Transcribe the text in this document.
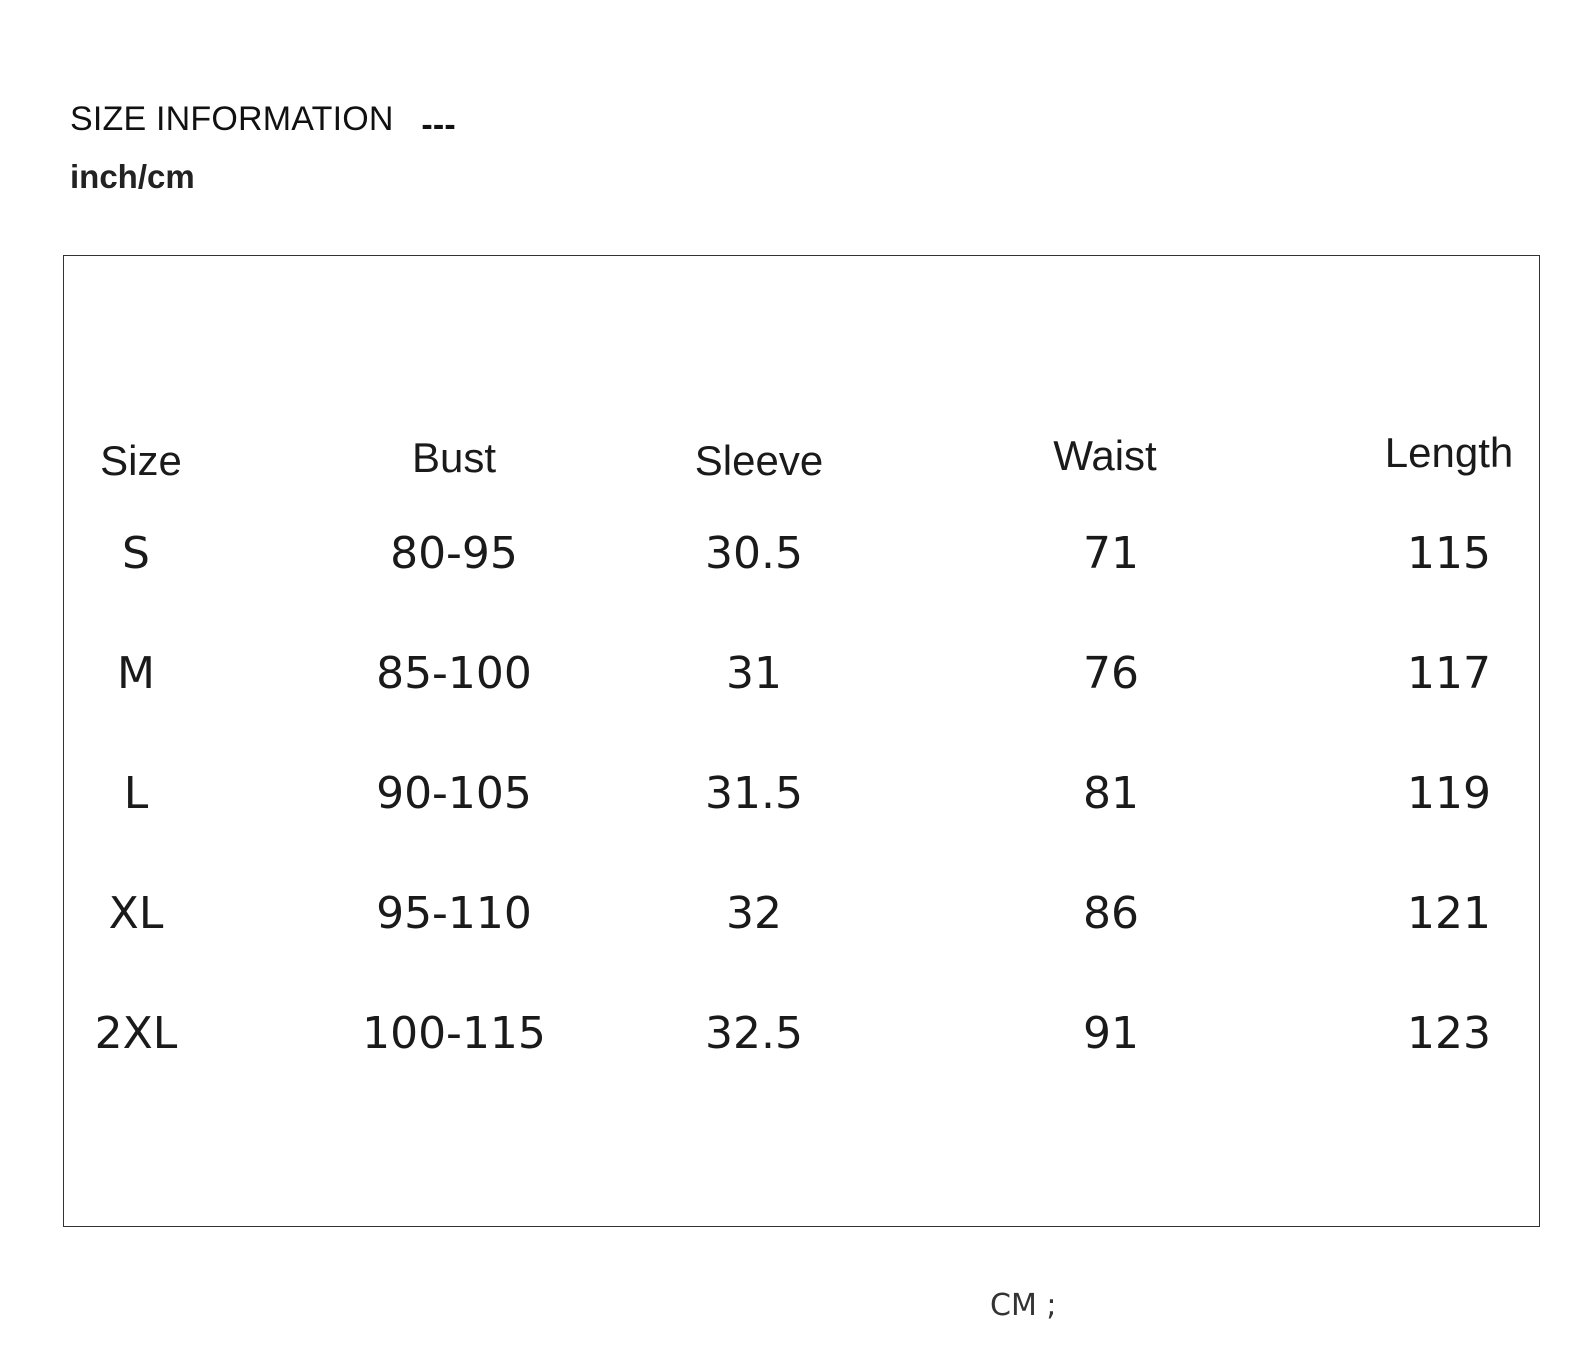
SIZE INFORMATION ---
inch/cm
Size	Bust	Sleeve	Waist	Length
S	80-95	30.5	71	115
M	85-100	31	76	117
L	90-105	31.5	81	119
XL	95-110	32	86	121
2XL	100-115	32.5	91	123
CM ;
